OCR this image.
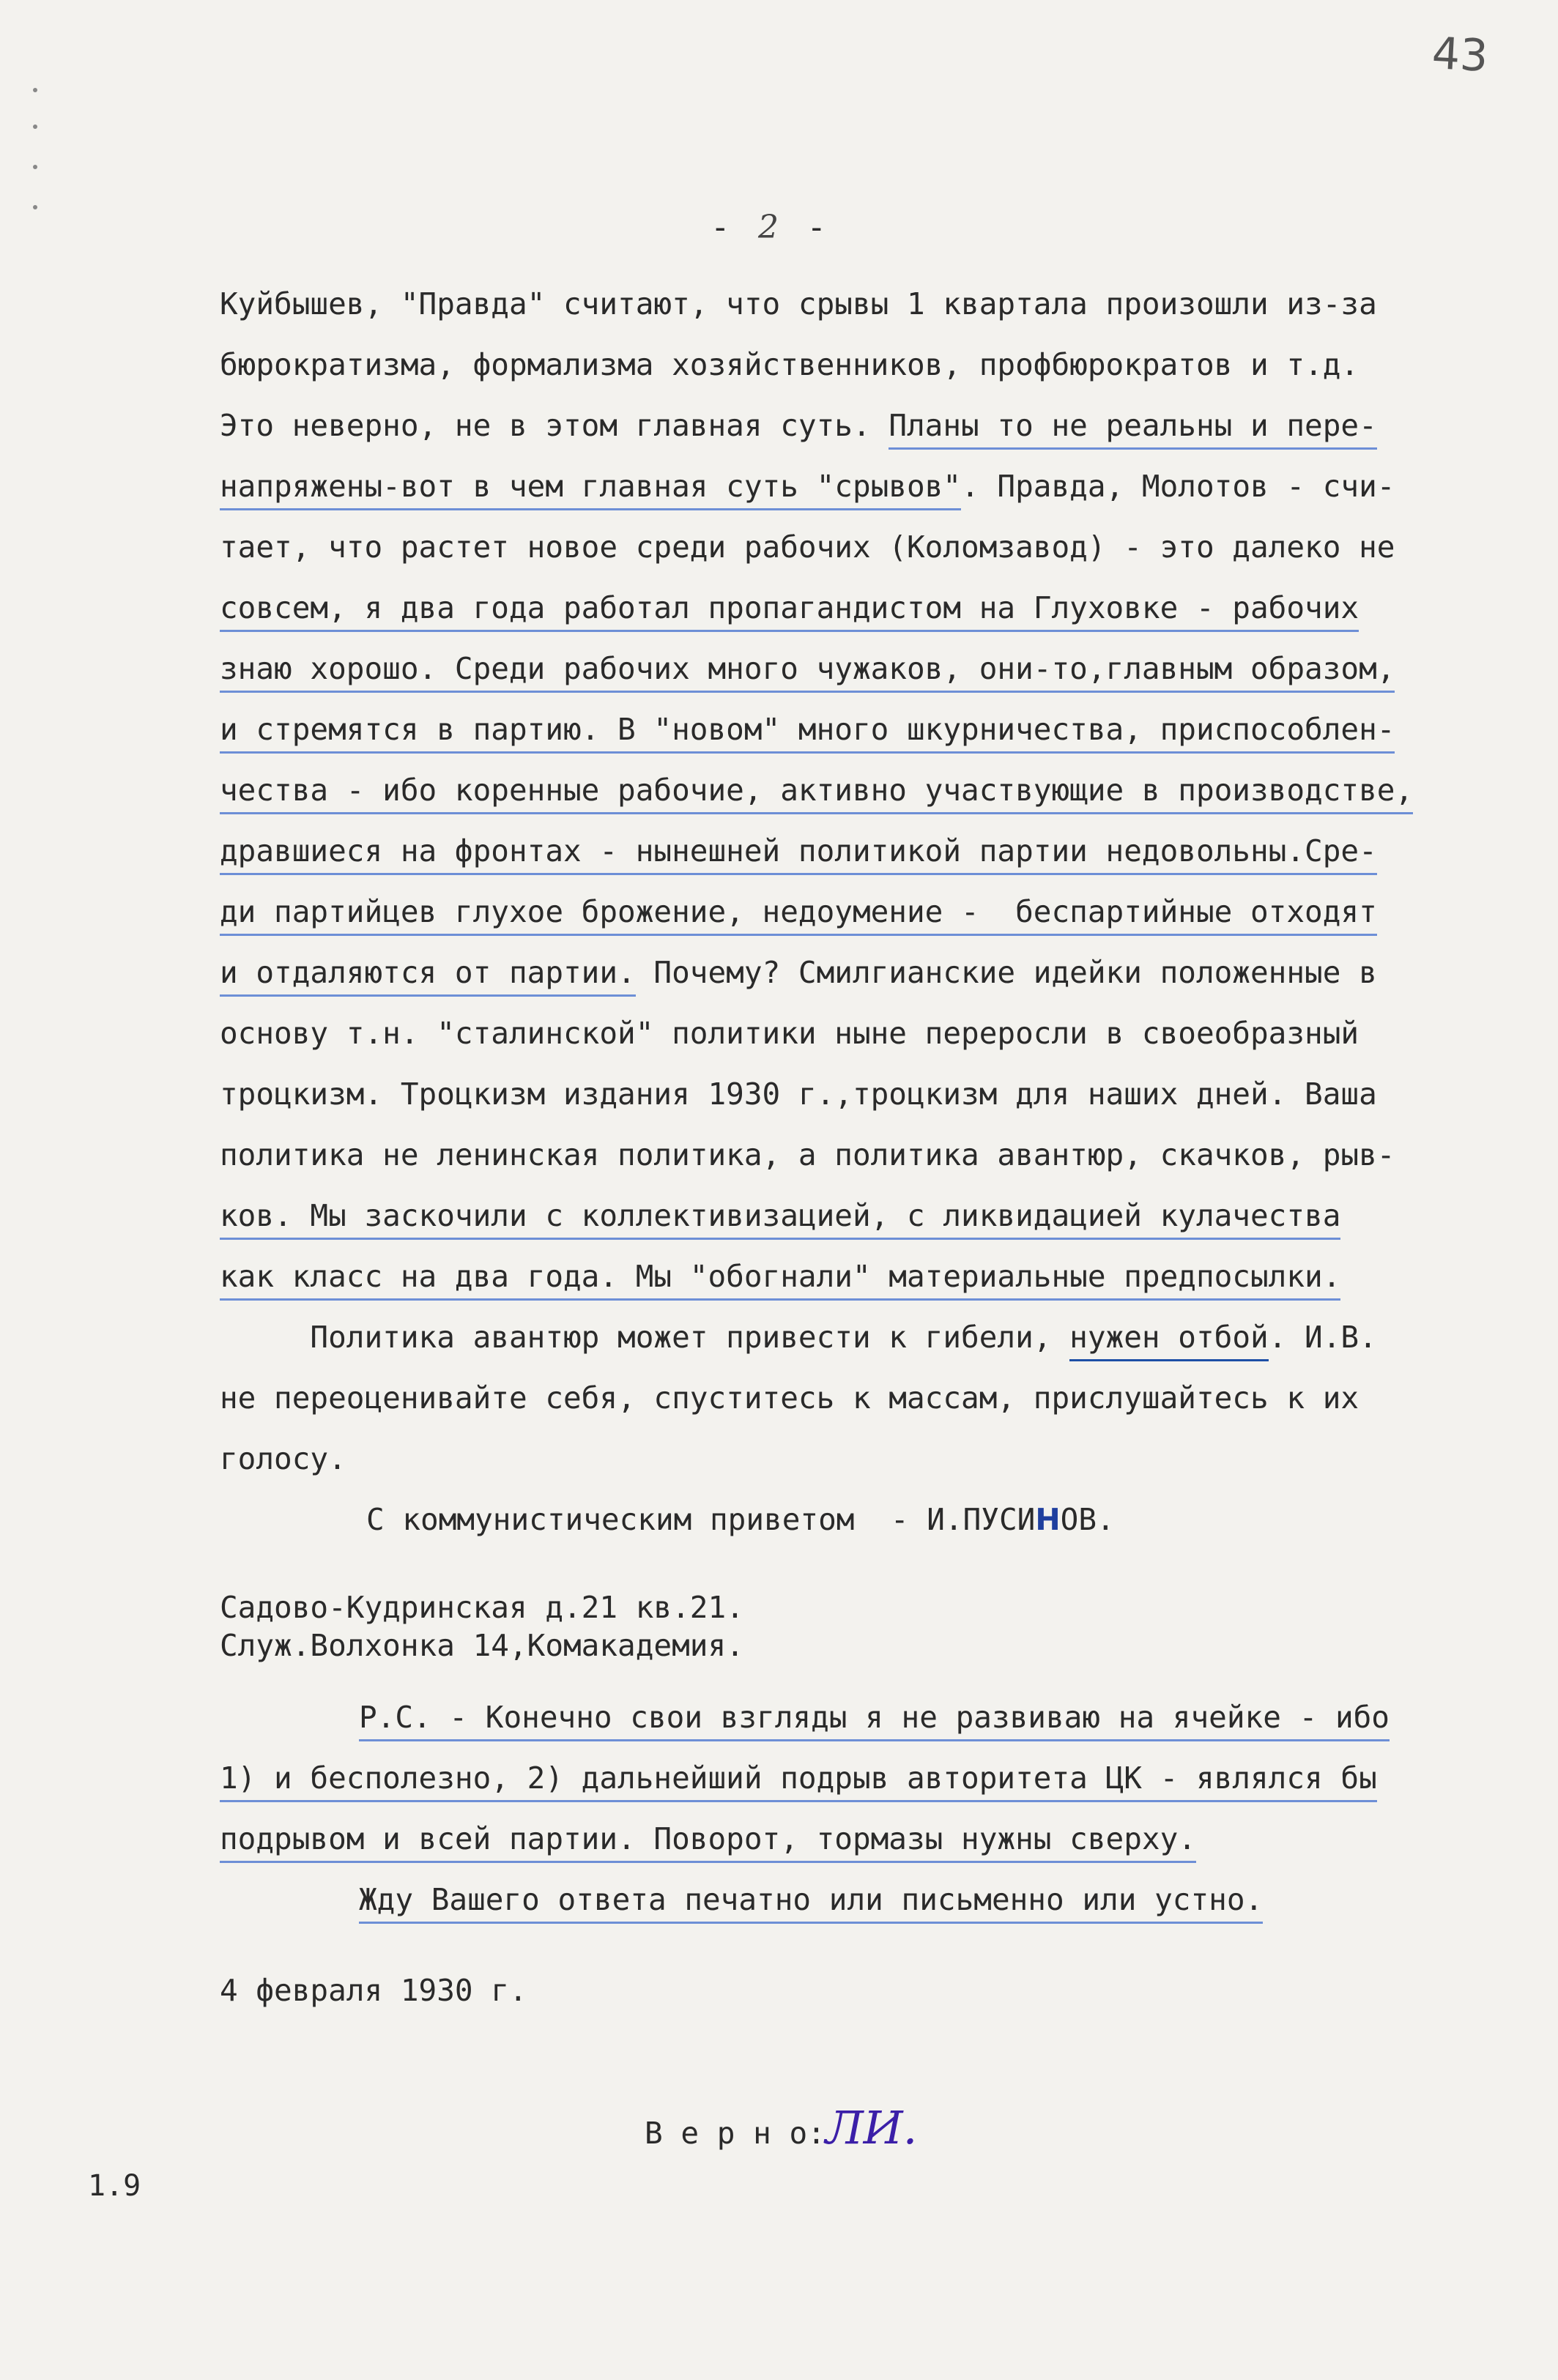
43
- 2 -
Куйбышев, "Правда" считают, что срывы 1 квартала произошли из-за
бюрократизма, формализма хозяйственников, профбюрократов и т.д.
Это неверно, не в этом главная суть. Планы то не реальны и пере-
напряжены-вот в чем главная суть "срывов". Правда, Молотов - счи-
тает, что растет новое среди рабочих (Коломзавод) - это далеко не
совсем, я два года работал пропагандистом на Глуховке - рабочих
знаю хорошо. Среди рабочих много чужаков, они-то,главным образом,
и стремятся в партию. В "новом" много шкурничества, приспособлен-
чества - ибо коренные рабочие, активно участвующие в производстве,
дравшиеся на фронтах - нынешней политикой партии недовольны.Сре-
ди партийцев глухое брожение, недоумение -  беспартийные отходят
и отдаляются от партии. Почему? Смилгианские идейки положенные в
основу т.н. "сталинской" политики ныне переросли в своеобразный
троцкизм. Троцкизм издания 1930 г.,троцкизм для наших дней. Ваша
политика не ленинская политика, а политика авантюр, скачков, рыв-
ков. Мы заскочили с коллективизацией, с ликвидацией кулачества
как класс на два года. Мы "обогнали" материальные предпосылки.
Политика авантюр может привести к гибели, нужен отбой. И.В.
не переоценивайте себя, спуститесь к массам, прислушайтесь к их
голосу.
С коммунистическим приветом  - И.ПУСИНОВ.
Садово-Кудринская д.21 кв.21.
Служ.Волхонка 14,Комакадемия.
Р.С. - Конечно свои взгляды я не развиваю на ячейке - ибо
1) и бесполезно, 2) дальнейший подрыв авторитета ЦК - являлся бы
подрывом и всей партии. Поворот, тормазы нужны сверху.
Жду Вашего ответа печатно или письменно или устно.
4 февраля 1930 г.
В е р н о:ЛИ.
1.9
